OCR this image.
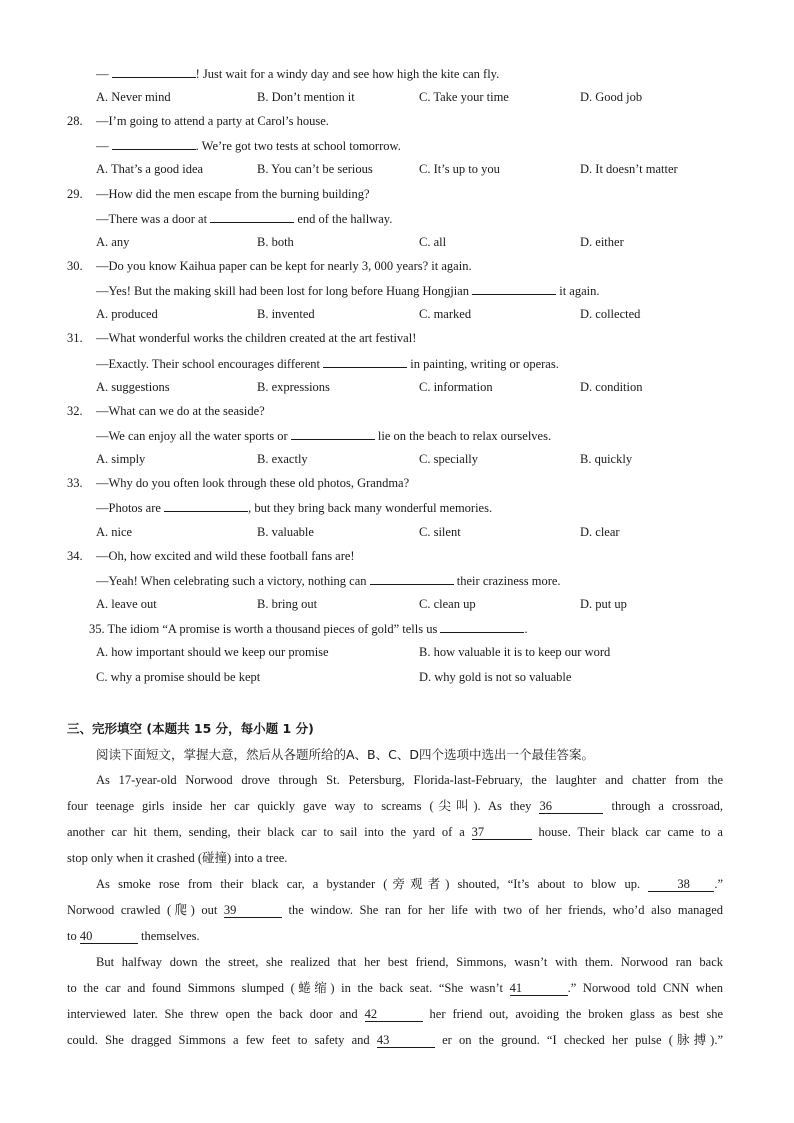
—	! Just wait for a windy day and see how high the kite can fly.
A. Never mind	B. Don’t mention it	C. Take your time	D. Good job
28. —I’m going to attend a party at Carol’s house.
—	. We’re got two tests at school tomorrow.
A. That’s a good idea	B. You can’t be serious	C. It’s up to you	D. It doesn’t matter
29. —How did the men escape from the burning building?
—There was a door at	end of the hallway.
A. any	B. both	C. all	D. either
30. —Do you know Kaihua paper can be kept for nearly 3, 000 years? it again.
—Yes! But the making skill had been lost for long before Huang Hongjian	it again.
A. produced	B. invented	C. marked	D. collected
31. —What wonderful works the children created at the art festival!
—Exactly. Their school encourages different	in painting, writing or operas.
A. suggestions	B. expressions	C. information	D. condition
32. —What can we do at the seaside?
—We can enjoy all the water sports or	lie on the beach to relax ourselves.
A. simply	B. exactly	C. specially	B. quickly
33. —Why do you often look through these old photos, Grandma?
—Photos are	, but they bring back many wonderful memories.
A. nice	B. valuable	C. silent	D. clear
34. —Oh, how excited and wild these football fans are!
—Yeah! When celebrating such a victory, nothing can	their craziness more.
A. leave out	B. bring out	C. clean up	D. put up
35. The idiom “A promise is worth a thousand pieces of gold” tells us	.
A. how important should we keep our promise	B. how valuable it is to keep our word
C. why a promise should be kept	D. why gold is not so valuable
三、完形填空 (本题共 15 分，每小题 1 分)
阅读下面短文，掌握大意，然后从各题所给的A、B、C、D四个选项中选出一个最佳答案。
As 17-year-old Norwood drove through St. Petersburg, Florida-last-February, the laughter and chatter from the
four teenage girls inside her car quickly gave way to screams (尖叫). As they 36	through a crossroad,
another car hit them, sending, their black car to sail into the yard of a 37	house. Their black car came to a
stop only when it crashed (碰撞) into a tree.
As smoke rose from their black car, a bystander (旁观者) shouted, “It’s about to blow up. 38 .”
Norwood crawled (爬) out 39	the window. She ran for her life with two of her friends, who’d also managed
to 40	themselves.
But halfway down the street, she realized that her best friend, Simmons, wasn’t with them. Norwood ran back
to the car and found Simmons slumped (蜷缩) in the back seat. “She wasn’t 41	.” Norwood told CNN when
interviewed later. She threw open the back door and 42	her friend out, avoiding the broken glass as best she
could. She dragged Simmons a few feet to safety and 43	er on the ground. “I checked her pulse (脉搏).”
